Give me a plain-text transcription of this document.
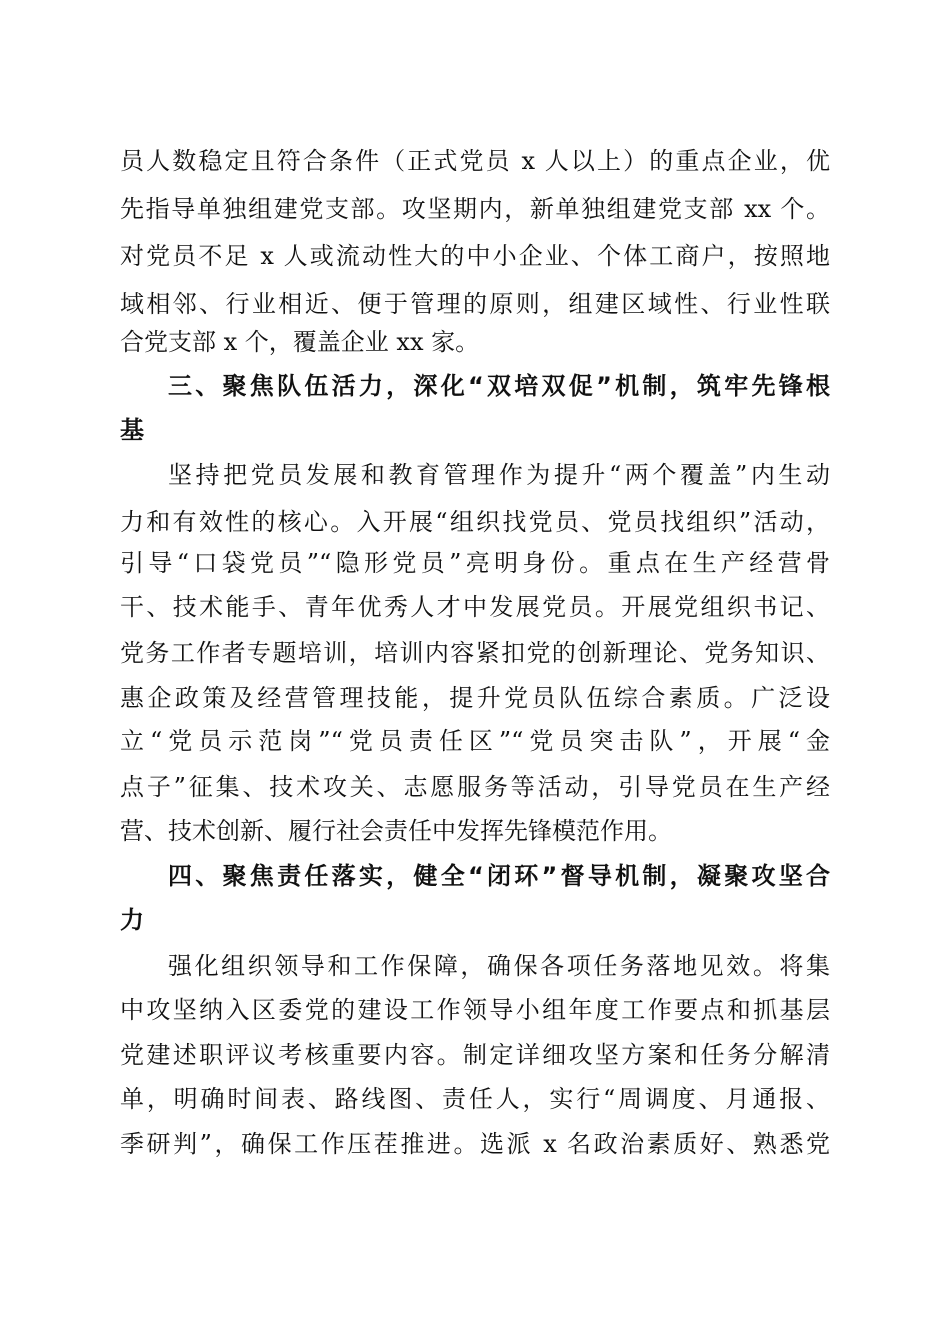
员人数稳定且符合条件（正式党员 x 人以上）的重点企业，优
先指导单独组建党支部。攻坚期内，新单独组建党支部 xx 个。
对党员不足 x 人或流动性大的中小企业、个体工商户，按照地
域相邻、行业相近、便于管理的原则，组建区域性、行业性联
合党支部 x 个，覆盖企业 xx 家。
三、聚焦队伍活力，深化“双培双促”机制，筑牢先锋根
基
坚持把党员发展和教育管理作为提升“两个覆盖”内生动
力和有效性的核心。入开展“组织找党员、党员找组织”活动，
引导“口袋党员”“隐形党员”亮明身份。重点在生产经营骨
干、技术能手、青年优秀人才中发展党员。开展党组织书记、
党务工作者专题培训，培训内容紧扣党的创新理论、党务知识、
惠企政策及经营管理技能，提升党员队伍综合素质。广泛设
立“党员示范岗”“党员责任区”“党员突击队”，开展“金
点子”征集、技术攻关、志愿服务等活动，引导党员在生产经
营、技术创新、履行社会责任中发挥先锋模范作用。
四、聚焦责任落实，健全“闭环”督导机制，凝聚攻坚合
力
强化组织领导和工作保障，确保各项任务落地见效。将集
中攻坚纳入区委党的建设工作领导小组年度工作要点和抓基层
党建述职评议考核重要内容。制定详细攻坚方案和任务分解清
单，明确时间表、路线图、责任人，实行“周调度、月通报、
季研判”，确保工作压茬推进。选派 x 名政治素质好、熟悉党
